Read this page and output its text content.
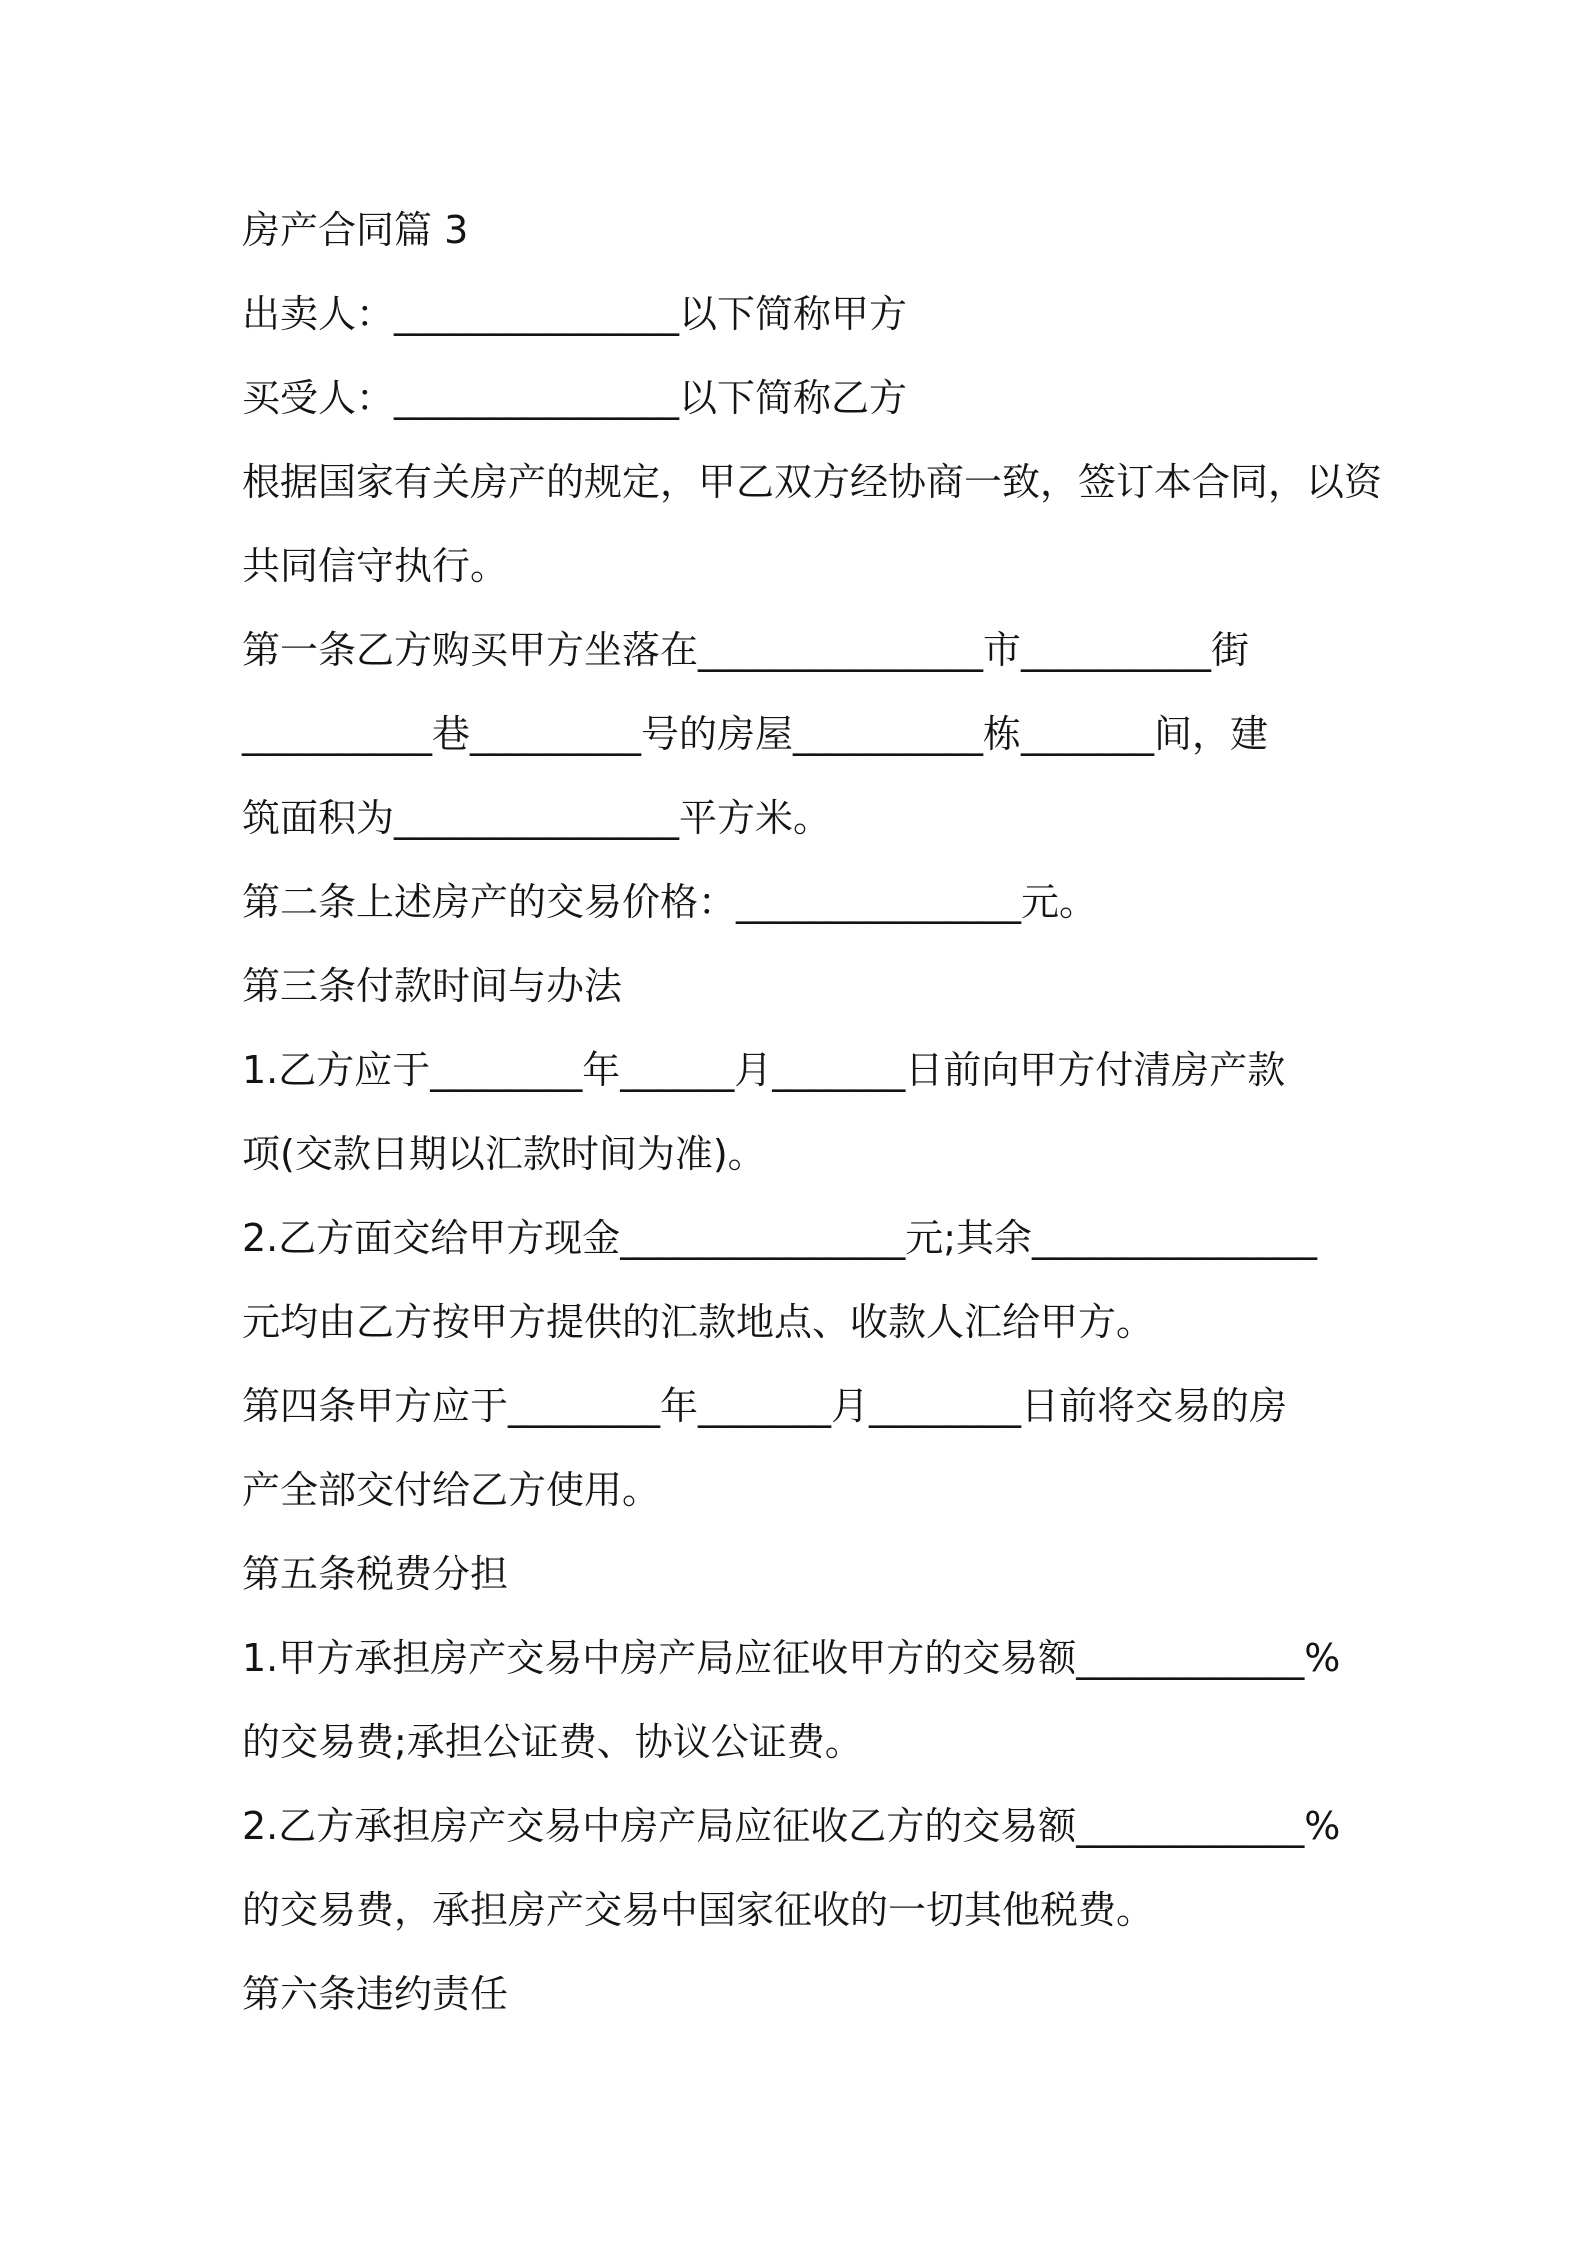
房产合同篇 3
出卖人：_______________以下简称甲方
买受人：_______________以下简称乙方
根据国家有关房产的规定，甲乙双方经协商一致，签订本合同，以资
共同信守执行。
第一条乙方购买甲方坐落在_______________市__________街
__________巷_________号的房屋__________栋_______间，建
筑面积为_______________平方米。
第二条上述房产的交易价格：_______________元。
第三条付款时间与办法
1.乙方应于________年______月_______日前向甲方付清房产款
项(交款日期以汇款时间为准)。
2.乙方面交给甲方现金_______________元;其余_______________
元均由乙方按甲方提供的汇款地点、收款人汇给甲方。
第四条甲方应于________年_______月________日前将交易的房
产全部交付给乙方使用。
第五条税费分担
1.甲方承担房产交易中房产局应征收甲方的交易额____________%
的交易费;承担公证费、协议公证费。
2.乙方承担房产交易中房产局应征收乙方的交易额____________%
的交易费，承担房产交易中国家征收的一切其他税费。
第六条违约责任
